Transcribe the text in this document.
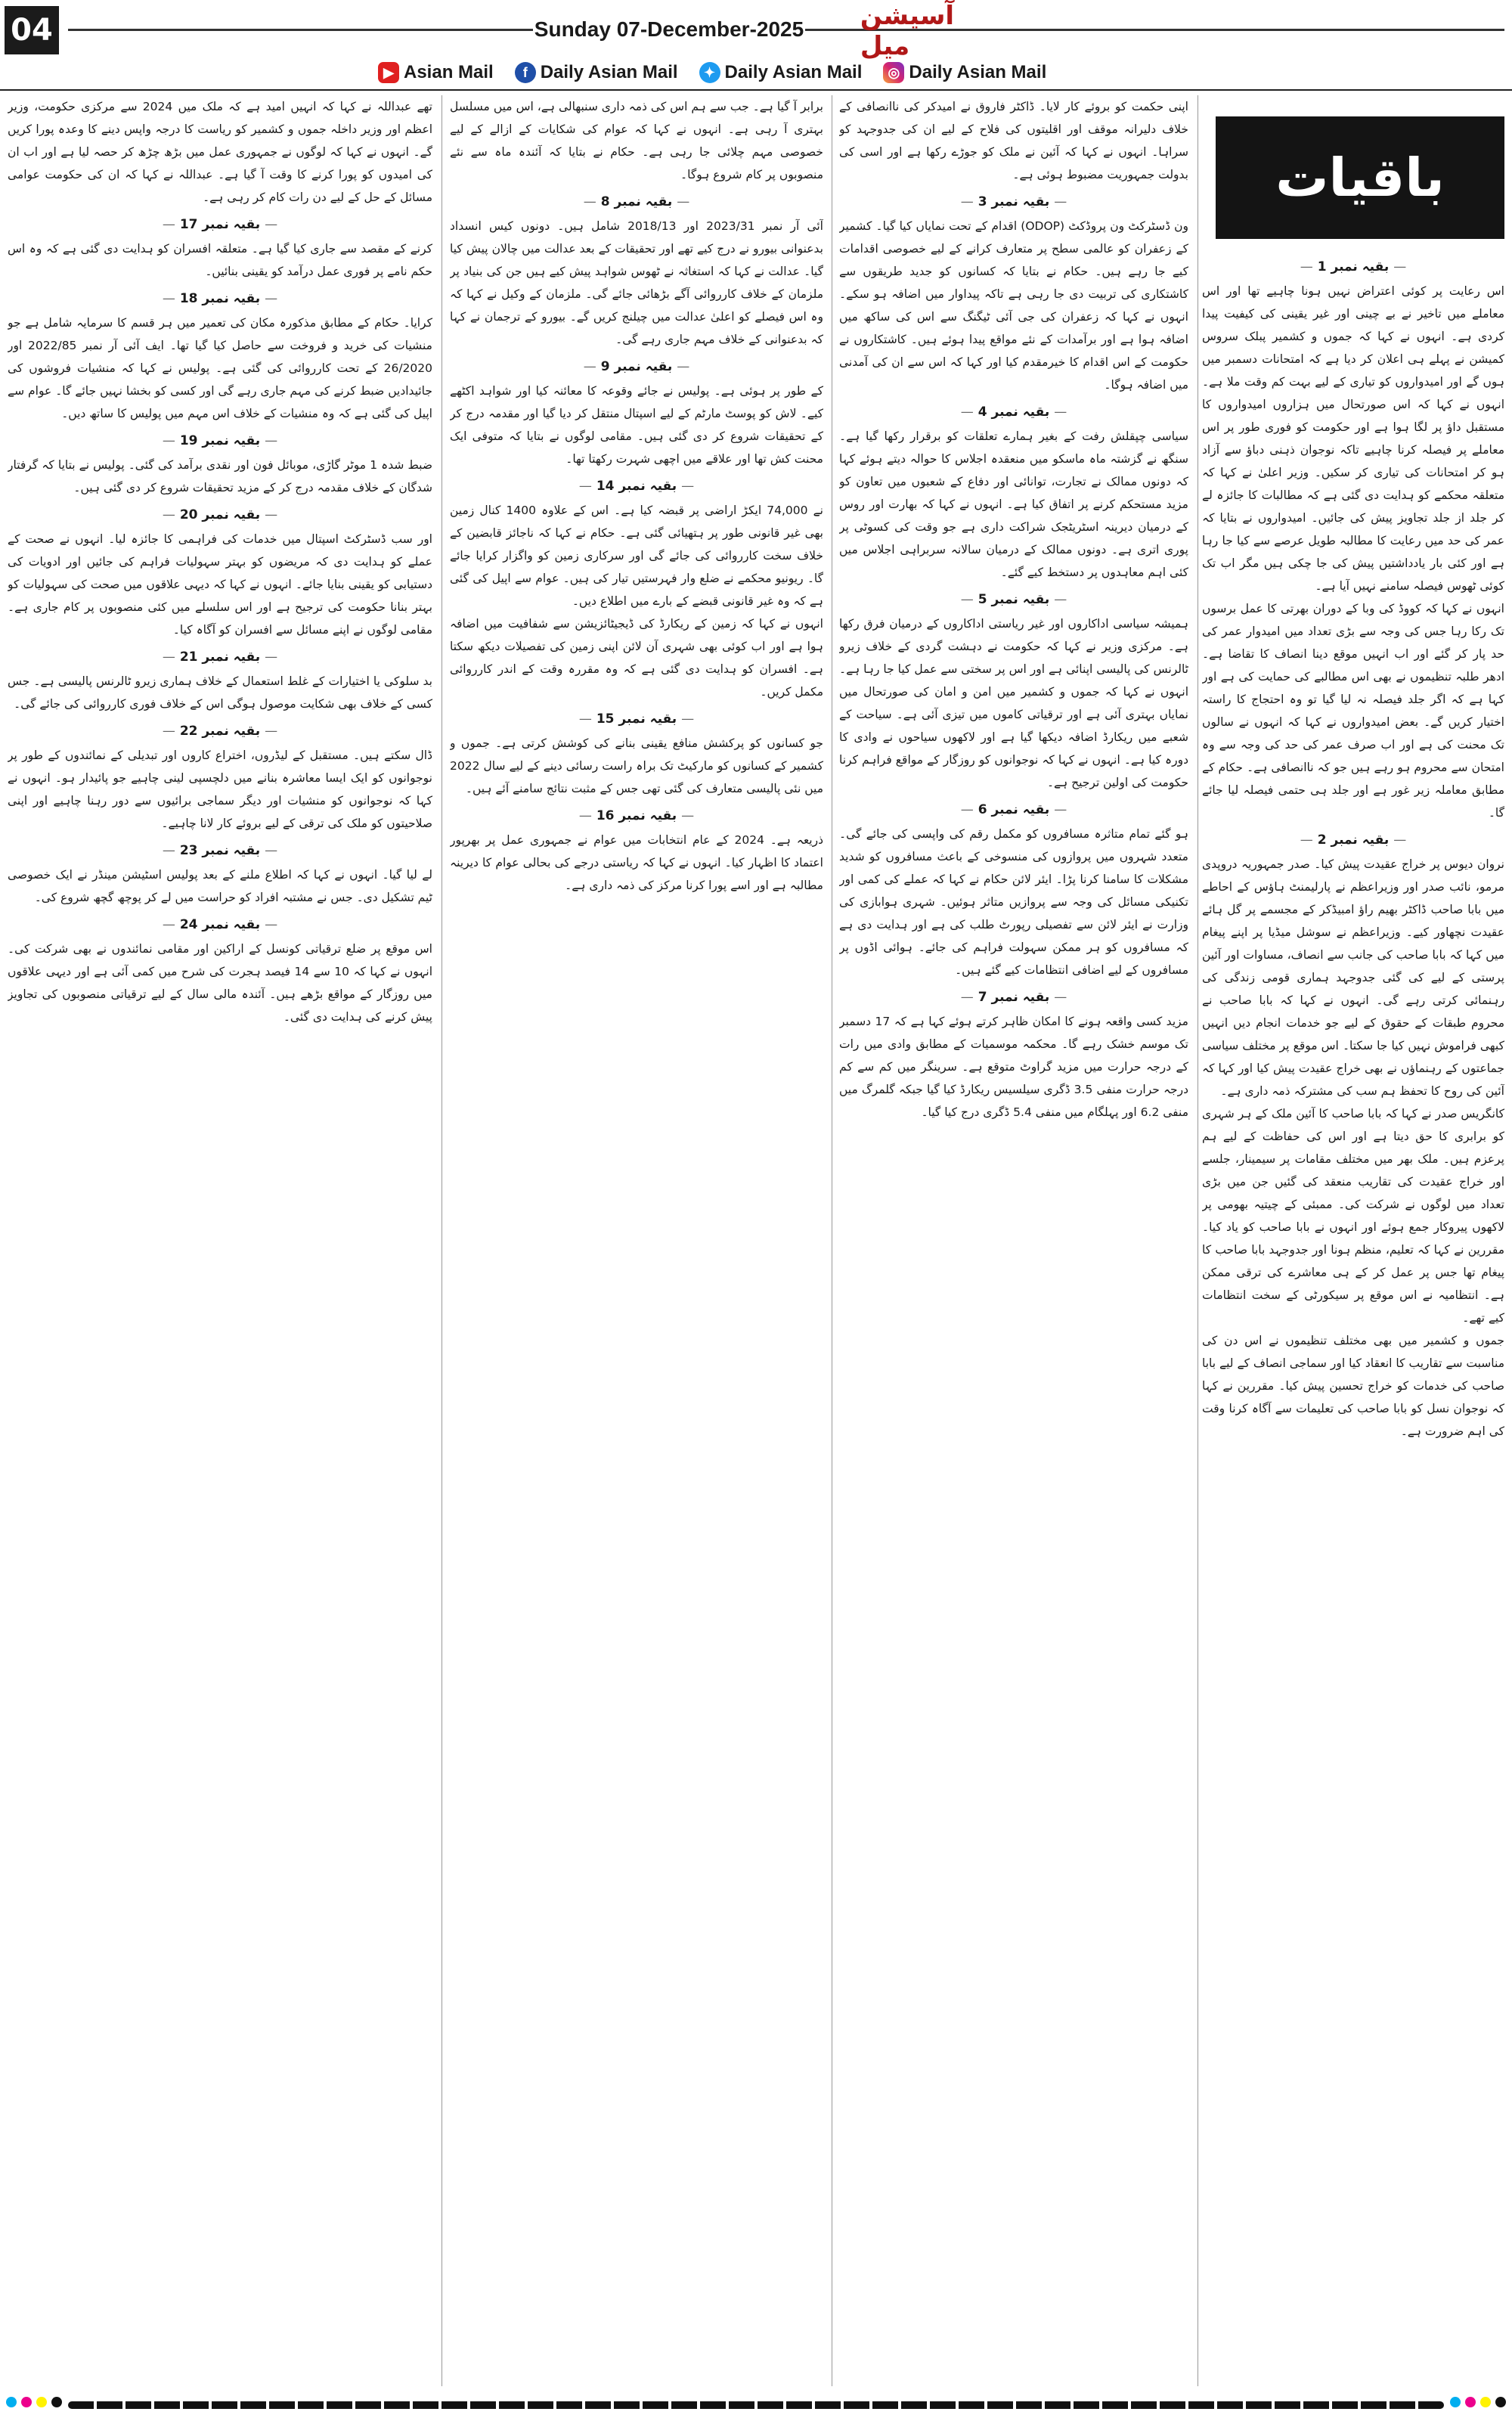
04	Sunday 07-December-2025 آسیشن میل
▶ Asian Mail	f Daily Asian Mail	✦ Daily Asian Mail	◎ Daily Asian Mail

— بقیہ نمبر 1 —

اس رعایت پر کوئی اعتراض نہیں ہونا چاہیے تھا اور اس معاملے میں تاخیر نے بے چینی اور غیر یقینی کی کیفیت پیدا کردی ہے۔ انہوں نے کہا کہ جموں و کشمیر پبلک سروس کمیشن نے پہلے ہی اعلان کر دیا ہے کہ امتحانات دسمبر میں ہوں گے اور امیدواروں کو تیاری کے لیے بہت کم وقت ملا ہے۔ انہوں نے کہا کہ اس صورتحال میں ہزاروں امیدواروں کا مستقبل داؤ پر لگا ہوا ہے اور حکومت کو فوری طور پر اس معاملے پر فیصلہ کرنا چاہیے تاکہ نوجوان ذہنی دباؤ سے آزاد ہو کر امتحانات کی تیاری کر سکیں۔ وزیر اعلیٰ نے کہا کہ متعلقہ محکمے کو ہدایت دی گئی ہے کہ مطالبات کا جائزہ لے کر جلد از جلد تجاویز پیش کی جائیں۔ امیدواروں نے بتایا کہ عمر کی حد میں رعایت کا مطالبہ طویل عرصے سے کیا جا رہا ہے اور کئی بار یادداشتیں پیش کی جا چکی ہیں مگر اب تک کوئی ٹھوس فیصلہ سامنے نہیں آیا ہے۔

انہوں نے کہا کہ کووڈ کی وبا کے دوران بھرتی کا عمل برسوں تک رکا رہا جس کی وجہ سے بڑی تعداد میں امیدوار عمر کی حد پار کر گئے اور اب انہیں موقع دینا انصاف کا تقاضا ہے۔ ادھر طلبہ تنظیموں نے بھی اس مطالبے کی حمایت کی ہے اور کہا ہے کہ اگر جلد فیصلہ نہ لیا گیا تو وہ احتجاج کا راستہ اختیار کریں گے۔ بعض امیدواروں نے کہا کہ انہوں نے سالوں تک محنت کی ہے اور اب صرف عمر کی حد کی وجہ سے وہ امتحان سے محروم ہو رہے ہیں جو کہ ناانصافی ہے۔ حکام کے مطابق معاملہ زیر غور ہے اور جلد ہی حتمی فیصلہ لیا جائے گا۔

— بقیہ نمبر 2 —

نروان دیوس پر خراج عقیدت پیش کیا۔ صدر جمہوریہ دروپدی مرمو، نائب صدر اور وزیراعظم نے پارلیمنٹ ہاؤس کے احاطے میں بابا صاحب ڈاکٹر بھیم راؤ امبیڈکر کے مجسمے پر گل ہائے عقیدت نچھاور کیے۔ وزیراعظم نے سوشل میڈیا پر اپنے پیغام میں کہا کہ بابا صاحب کی جانب سے انصاف، مساوات اور آئین پرستی کے لیے کی گئی جدوجہد ہماری قومی زندگی کی رہنمائی کرتی رہے گی۔ انہوں نے کہا کہ بابا صاحب نے محروم طبقات کے حقوق کے لیے جو خدمات انجام دیں انہیں کبھی فراموش نہیں کیا جا سکتا۔ اس موقع پر مختلف سیاسی جماعتوں کے رہنماؤں نے بھی خراج عقیدت پیش کیا اور کہا کہ آئین کی روح کا تحفظ ہم سب کی مشترکہ ذمہ داری ہے۔

کانگریس صدر نے کہا کہ بابا صاحب کا آئین ملک کے ہر شہری کو برابری کا حق دیتا ہے اور اس کی حفاظت کے لیے ہم پرعزم ہیں۔ ملک بھر میں مختلف مقامات پر سیمینار، جلسے اور خراج عقیدت کی تقاریب منعقد کی گئیں جن میں بڑی تعداد میں لوگوں نے شرکت کی۔ ممبئی کے چیتیہ بھومی پر لاکھوں پیروکار جمع ہوئے اور انہوں نے بابا صاحب کو یاد کیا۔ مقررین نے کہا کہ تعلیم، منظم ہونا اور جدوجہد بابا صاحب کا پیغام تھا جس پر عمل کر کے ہی معاشرے کی ترقی ممکن ہے۔ انتظامیہ نے اس موقع پر سیکورٹی کے سخت انتظامات کیے تھے۔

جموں و کشمیر میں بھی مختلف تنظیموں نے اس دن کی مناسبت سے تقاریب کا انعقاد کیا اور سماجی انصاف کے لیے بابا صاحب کی خدمات کو خراج تحسین پیش کیا۔ مقررین نے کہا کہ نوجوان نسل کو بابا صاحب کی تعلیمات سے آگاہ کرنا وقت کی اہم ضرورت ہے۔

باقیات

اپنی حکمت کو بروئے کار لایا۔ ڈاکٹر فاروق نے امیدکر کی ناانصافی کے خلاف دلیرانہ موقف اور اقلیتوں کی فلاح کے لیے ان کی جدوجہد کو سراہا۔ انہوں نے کہا کہ آئین نے ملک کو جوڑے رکھا ہے اور اسی کی بدولت جمہوریت مضبوط ہوئی ہے۔

— بقیہ نمبر 3 —

ون ڈسٹرکٹ ون پروڈکٹ (ODOP) اقدام کے تحت نمایاں کیا گیا۔ کشمیر کے زعفران کو عالمی سطح پر متعارف کرانے کے لیے خصوصی اقدامات کیے جا رہے ہیں۔ حکام نے بتایا کہ کسانوں کو جدید طریقوں سے کاشتکاری کی تربیت دی جا رہی ہے تاکہ پیداوار میں اضافہ ہو سکے۔ انہوں نے کہا کہ زعفران کی جی آئی ٹیگنگ سے اس کی ساکھ میں اضافہ ہوا ہے اور برآمدات کے نئے مواقع پیدا ہوئے ہیں۔ کاشتکاروں نے حکومت کے اس اقدام کا خیرمقدم کیا اور کہا کہ اس سے ان کی آمدنی میں اضافہ ہوگا۔

— بقیہ نمبر 4 —

سیاسی چپقلش رفت کے بغیر ہمارے تعلقات کو برقرار رکھا گیا ہے۔ سنگھ نے گزشتہ ماہ ماسکو میں منعقدہ اجلاس کا حوالہ دیتے ہوئے کہا کہ دونوں ممالک نے تجارت، توانائی اور دفاع کے شعبوں میں تعاون کو مزید مستحکم کرنے پر اتفاق کیا ہے۔ انہوں نے کہا کہ بھارت اور روس کے درمیان دیرینہ اسٹریٹجک شراکت داری ہے جو وقت کی کسوٹی پر پوری اتری ہے۔ دونوں ممالک کے درمیان سالانہ سربراہی اجلاس میں کئی اہم معاہدوں پر دستخط کیے گئے۔

— بقیہ نمبر 5 —

ہمیشہ سیاسی اداکاروں اور غیر ریاستی اداکاروں کے درمیان فرق رکھا ہے۔ مرکزی وزیر نے کہا کہ حکومت نے دہشت گردی کے خلاف زیرو ٹالرنس کی پالیسی اپنائی ہے اور اس پر سختی سے عمل کیا جا رہا ہے۔ انہوں نے کہا کہ جموں و کشمیر میں امن و امان کی صورتحال میں نمایاں بہتری آئی ہے اور ترقیاتی کاموں میں تیزی آئی ہے۔ سیاحت کے شعبے میں ریکارڈ اضافہ دیکھا گیا ہے اور لاکھوں سیاحوں نے وادی کا دورہ کیا ہے۔ انہوں نے کہا کہ نوجوانوں کو روزگار کے مواقع فراہم کرنا حکومت کی اولین ترجیح ہے۔

— بقیہ نمبر 6 —

ہو گئے تمام متاثرہ مسافروں کو مکمل رقم کی واپسی کی جائے گی۔ متعدد شہروں میں پروازوں کی منسوخی کے باعث مسافروں کو شدید مشکلات کا سامنا کرنا پڑا۔ ایئر لائن حکام نے کہا کہ عملے کی کمی اور تکنیکی مسائل کی وجہ سے پروازیں متاثر ہوئیں۔ شہری ہوابازی کی وزارت نے ایئر لائن سے تفصیلی رپورٹ طلب کی ہے اور ہدایت دی ہے کہ مسافروں کو ہر ممکن سہولت فراہم کی جائے۔ ہوائی اڈوں پر مسافروں کے لیے اضافی انتظامات کیے گئے ہیں۔

— بقیہ نمبر 7 —

مزید کسی واقعہ ہونے کا امکان ظاہر کرتے ہوئے کہا ہے کہ 17 دسمبر تک موسم خشک رہے گا۔ محکمہ موسمیات کے مطابق وادی میں رات کے درجہ حرارت میں مزید گراوٹ متوقع ہے۔ سرینگر میں کم سے کم درجہ حرارت منفی 3.5 ڈگری سیلسیس ریکارڈ کیا گیا جبکہ گلمرگ میں منفی 6.2 اور پہلگام میں منفی 5.4 ڈگری درج کیا گیا۔

برابر آ گیا ہے۔ جب سے ہم اس کی ذمہ داری سنبھالی ہے، اس میں مسلسل بہتری آ رہی ہے۔ انہوں نے کہا کہ عوام کی شکایات کے ازالے کے لیے خصوصی مہم چلائی جا رہی ہے۔ حکام نے بتایا کہ آئندہ ماہ سے نئے منصوبوں پر کام شروع ہوگا۔

— بقیہ نمبر 8 —

آئی آر نمبر 2023/31 اور 2018/13 شامل ہیں۔ دونوں کیس انسداد بدعنوانی بیورو نے درج کیے تھے اور تحقیقات کے بعد عدالت میں چالان پیش کیا گیا۔ عدالت نے کہا کہ استغاثہ نے ٹھوس شواہد پیش کیے ہیں جن کی بنیاد پر ملزمان کے خلاف کارروائی آگے بڑھائی جائے گی۔ ملزمان کے وکیل نے کہا کہ وہ اس فیصلے کو اعلیٰ عدالت میں چیلنج کریں گے۔ بیورو کے ترجمان نے کہا کہ بدعنوانی کے خلاف مہم جاری رہے گی۔

— بقیہ نمبر 9 —

کے طور پر ہوئی ہے۔ پولیس نے جائے وقوعہ کا معائنہ کیا اور شواہد اکٹھے کیے۔ لاش کو پوسٹ مارٹم کے لیے اسپتال منتقل کر دیا گیا اور مقدمہ درج کر کے تحقیقات شروع کر دی گئی ہیں۔ مقامی لوگوں نے بتایا کہ متوفی ایک محنت کش تھا اور علاقے میں اچھی شہرت رکھتا تھا۔

— بقیہ نمبر 14 —

نے 74,000 ایکڑ اراضی پر قبضہ کیا ہے۔ اس کے علاوہ 1400 کنال زمین بھی غیر قانونی طور پر ہتھیائی گئی ہے۔ حکام نے کہا کہ ناجائز قابضین کے خلاف سخت کارروائی کی جائے گی اور سرکاری زمین کو واگزار کرایا جائے گا۔ ریونیو محکمے نے ضلع وار فہرستیں تیار کی ہیں۔ عوام سے اپیل کی گئی ہے کہ وہ غیر قانونی قبضے کے بارے میں اطلاع دیں۔

انہوں نے کہا کہ زمین کے ریکارڈ کی ڈیجیٹائزیشن سے شفافیت میں اضافہ ہوا ہے اور اب کوئی بھی شہری آن لائن اپنی زمین کی تفصیلات دیکھ سکتا ہے۔ افسران کو ہدایت دی گئی ہے کہ وہ مقررہ وقت کے اندر کارروائی مکمل کریں۔

— بقیہ نمبر 15 —

جو کسانوں کو پرکشش منافع یقینی بنانے کی کوشش کرتی ہے۔ جموں و کشمیر کے کسانوں کو مارکیٹ تک براہ راست رسائی دینے کے لیے سال 2022 میں نئی پالیسی متعارف کی گئی تھی جس کے مثبت نتائج سامنے آئے ہیں۔

— بقیہ نمبر 16 —

ذریعہ ہے۔ 2024 کے عام انتخابات میں عوام نے جمہوری عمل پر بھرپور اعتماد کا اظہار کیا۔ انہوں نے کہا کہ ریاستی درجے کی بحالی عوام کا دیرینہ مطالبہ ہے اور اسے پورا کرنا مرکز کی ذمہ داری ہے۔

تھے عبداللہ نے کہا کہ انہیں امید ہے کہ ملک میں 2024 سے مرکزی حکومت، وزیر اعظم اور وزیر داخلہ جموں و کشمیر کو ریاست کا درجہ واپس دینے کا وعدہ پورا کریں گے۔ انہوں نے کہا کہ لوگوں نے جمہوری عمل میں بڑھ چڑھ کر حصہ لیا ہے اور اب ان کی امیدوں کو پورا کرنے کا وقت آ گیا ہے۔ عبداللہ نے کہا کہ ان کی حکومت عوامی مسائل کے حل کے لیے دن رات کام کر رہی ہے۔

— بقیہ نمبر 17 —

کرنے کے مقصد سے جاری کیا گیا ہے۔ متعلقہ افسران کو ہدایت دی گئی ہے کہ وہ اس حکم نامے پر فوری عمل درآمد کو یقینی بنائیں۔

— بقیہ نمبر 18 —

کرایا۔ حکام کے مطابق مذکورہ مکان کی تعمیر میں ہر قسم کا سرمایہ شامل ہے جو منشیات کی خرید و فروخت سے حاصل کیا گیا تھا۔ ایف آئی آر نمبر 2022/85 اور 26/2020 کے تحت کارروائی کی گئی ہے۔ پولیس نے کہا کہ منشیات فروشوں کی جائیدادیں ضبط کرنے کی مہم جاری رہے گی اور کسی کو بخشا نہیں جائے گا۔ عوام سے اپیل کی گئی ہے کہ وہ منشیات کے خلاف اس مہم میں پولیس کا ساتھ دیں۔

— بقیہ نمبر 19 —

ضبط شدہ 1 موٹر گاڑی، موبائل فون اور نقدی برآمد کی گئی۔ پولیس نے بتایا کہ گرفتار شدگان کے خلاف مقدمہ درج کر کے مزید تحقیقات شروع کر دی گئی ہیں۔

— بقیہ نمبر 20 —

اور سب ڈسٹرکٹ اسپتال میں خدمات کی فراہمی کا جائزہ لیا۔ انہوں نے صحت کے عملے کو ہدایت دی کہ مریضوں کو بہتر سہولیات فراہم کی جائیں اور ادویات کی دستیابی کو یقینی بنایا جائے۔ انہوں نے کہا کہ دیہی علاقوں میں صحت کی سہولیات کو بہتر بنانا حکومت کی ترجیح ہے اور اس سلسلے میں کئی منصوبوں پر کام جاری ہے۔ مقامی لوگوں نے اپنے مسائل سے افسران کو آگاہ کیا۔

— بقیہ نمبر 21 —

بد سلوکی یا اختیارات کے غلط استعمال کے خلاف ہماری زیرو ٹالرنس پالیسی ہے۔ جس کسی کے خلاف بھی شکایت موصول ہوگی اس کے خلاف فوری کارروائی کی جائے گی۔

— بقیہ نمبر 22 —

ڈال سکتے ہیں۔ مستقبل کے لیڈروں، اختراع کاروں اور تبدیلی کے نمائندوں کے طور پر نوجوانوں کو ایک ایسا معاشرہ بنانے میں دلچسپی لینی چاہیے جو پائیدار ہو۔ انہوں نے کہا کہ نوجوانوں کو منشیات اور دیگر سماجی برائیوں سے دور رہنا چاہیے اور اپنی صلاحیتوں کو ملک کی ترقی کے لیے بروئے کار لانا چاہیے۔

— بقیہ نمبر 23 —

لے لیا گیا۔ انہوں نے کہا کہ اطلاع ملنے کے بعد پولیس اسٹیشن مینڈر نے ایک خصوصی ٹیم تشکیل دی۔ جس نے مشتبہ افراد کو حراست میں لے کر پوچھ گچھ شروع کی۔

— بقیہ نمبر 24 —

اس موقع پر ضلع ترقیاتی کونسل کے اراکین اور مقامی نمائندوں نے بھی شرکت کی۔ انہوں نے کہا کہ 10 سے 14 فیصد ہجرت کی شرح میں کمی آئی ہے اور دیہی علاقوں میں روزگار کے مواقع بڑھے ہیں۔ آئندہ مالی سال کے لیے ترقیاتی منصوبوں کی تجاویز پیش کرنے کی ہدایت دی گئی۔
